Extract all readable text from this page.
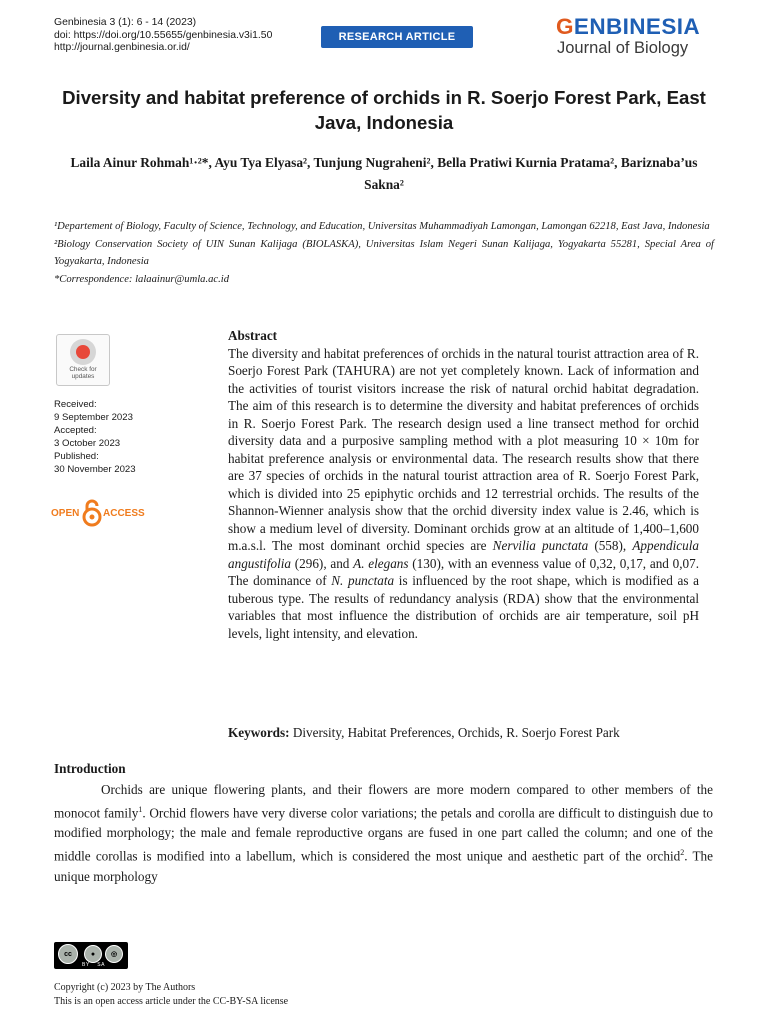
Genbinesia 3 (1): 6 - 14 (2023)
doi: https://doi.org/10.55655/genbinesia.v3i1.50
http://journal.genbinesia.or.id/
RESEARCH ARTICLE	GENBINESIA
Journal of Biology
Diversity and habitat preference of orchids in R. Soerjo Forest Park, East Java, Indonesia
Laila Ainur Rohmah¹·²*, Ayu Tya Elyasa², Tunjung Nugraheni², Bella Pratiwi Kurnia Pratama², Bariznaba’us Sakna²

¹Departement of Biology, Faculty of Science, Technology, and Education, Universitas Muhammadiyah Lamongan, Lamongan 62218, East Java, Indonesia

²Biology Conservation Society of UIN Sunan Kalijaga (BIOLASKA), Universitas Islam Negeri Sunan Kalijaga, Yogyakarta 55281, Special Area of Yogyakarta, Indonesia

*Correspondence: lalaainur@umla.ac.id

Check for
updates
Received:
9 September 2023
Accepted:
3 October 2023
Published:
30 November 2023
OPEN ACCESS
Abstract

The diversity and habitat preferences of orchids in the natural tourist attraction area of R. Soerjo Forest Park (TAHURA) are not yet completely known. Lack of information and the activities of tourist visitors increase the risk of natural orchid habitat degradation. The aim of this research is to determine the diversity and habitat preferences of orchids in R. Soerjo Forest Park. The research design used a line transect method for orchid diversity data and a purposive sampling method with a plot measuring 10 × 10m for habitat preference analysis or environmental data. The research results show that there are 37 species of orchids in the natural tourist attraction area of R. Soerjo Forest Park, which is divided into 25 epiphytic orchids and 12 terrestrial orchids. The results of the Shannon-Wienner analysis show that the orchid diversity index value is 2.46, which is show a medium level of diversity. Dominant orchids grow at an altitude of 1,400–1,600 m.a.s.l. The most dominant orchid species are Nervilia punctata (558), Appendicula angustifolia (296), and A. elegans (130), with an evenness value of 0,32, 0,17, and 0,07. The dominance of N. punctata is influenced by the root shape, which is modified as a tuberous type. The results of redundancy analysis (RDA) show that the environmental variables that most influence the distribution of orchids are air temperature, soil pH levels, light intensity, and elevation.

Keywords: Diversity, Habitat Preferences, Orchids, R. Soerjo Forest Park
Introduction

Orchids are unique flowering plants, and their flowers are more modern compared to other members of the monocot family$^1$. Orchid flowers have very diverse color variations; the petals and corolla are difficult to distinguish due to modified morphology; the male and female reproductive organs are fused in one part called the column; and one of the middle corollas is modified into a labellum, which is considered the most unique and aesthetic part of the orchid$^2$. The unique morphology

cc	●	◎
BY SA
Copyright (c) 2023 by The Authors
This is an open access article under the CC-BY-SA license
